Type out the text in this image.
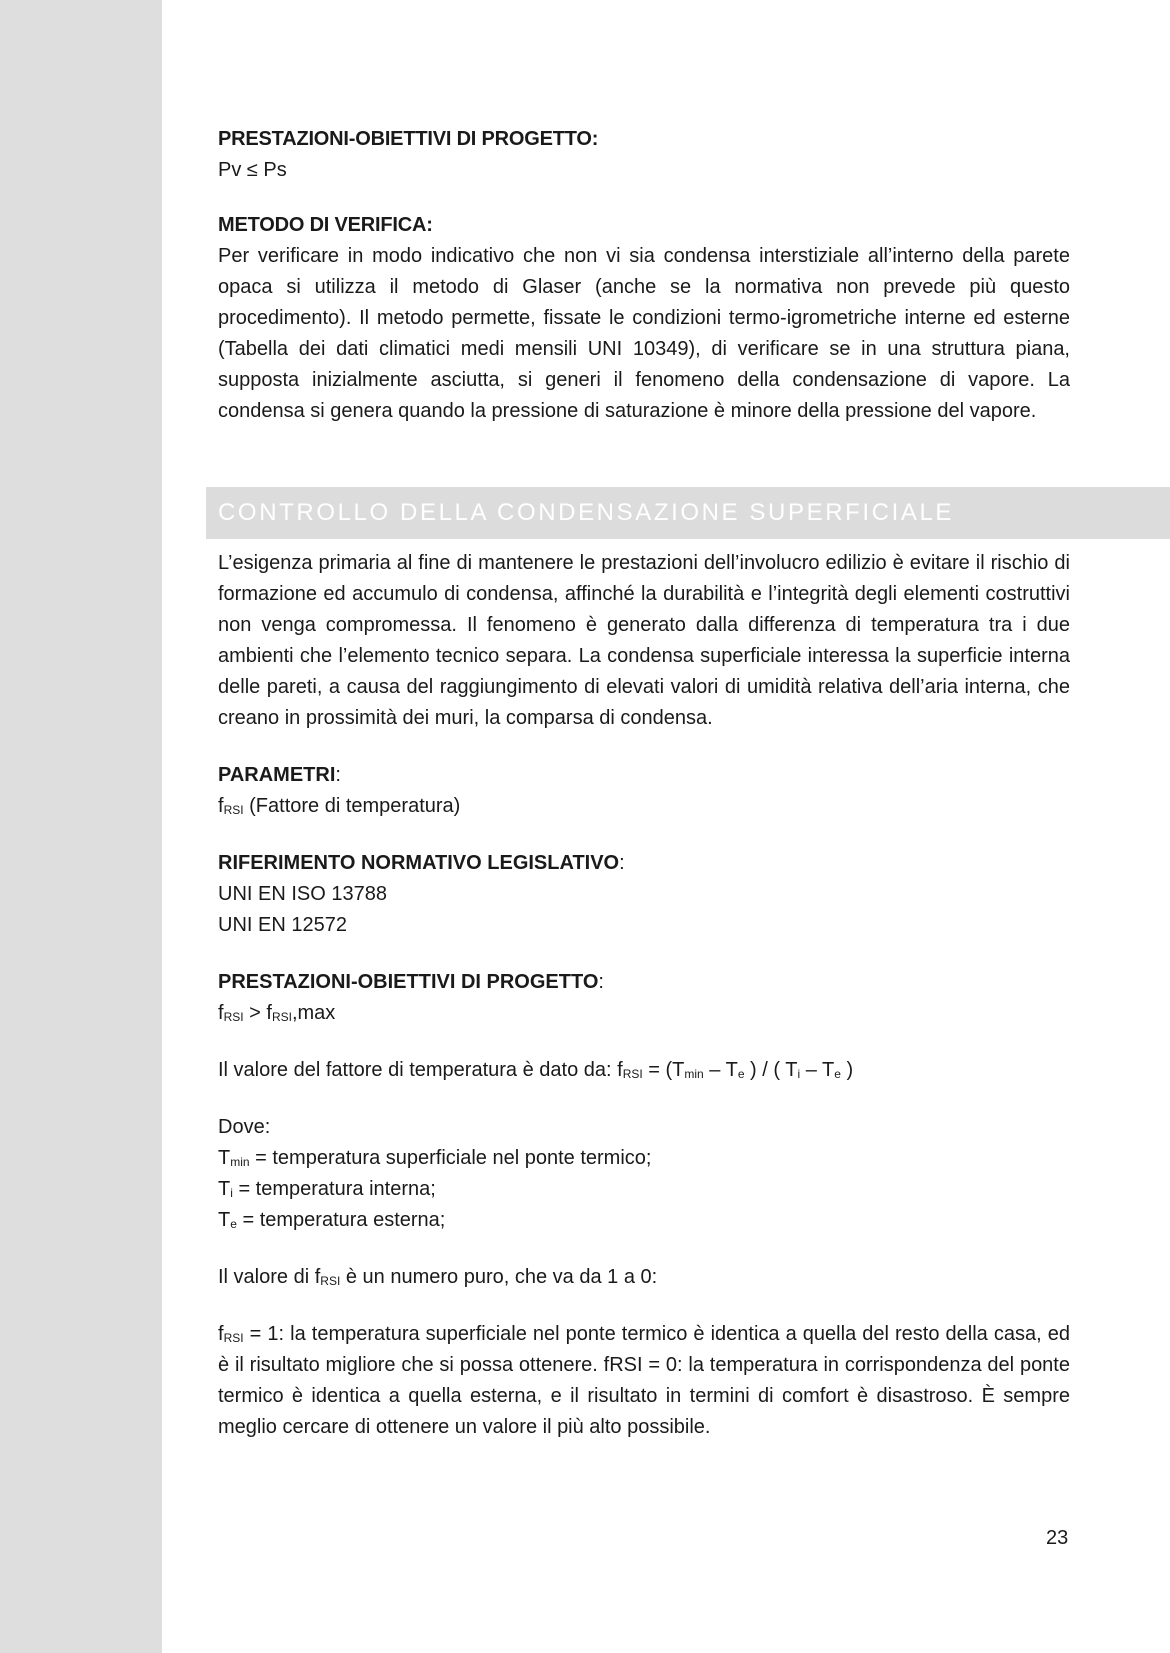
CONTROLLO DELLA CONDENSAZIONE SUPERFICIALE

PRESTAZIONI-OBIETTIVI DI PROGETTO:

Pv ≤ Ps

METODO DI VERIFICA:

Per verificare in modo indicativo che non vi sia condensa interstiziale all’interno della parete opaca si utilizza il metodo di Glaser (anche se la normativa non prevede più questo procedimento). Il metodo permette, fissate le condizioni termo-igrometriche interne ed esterne (Tabella dei dati climatici medi mensili UNI 10349), di verificare se in una struttura piana, supposta inizialmente asciutta, si generi il fenomeno della condensazione di vapore. La condensa si genera quando la pressione di saturazione è minore della pressione del vapore.

L’esigenza primaria al fine di mantenere le prestazioni dell’involucro edilizio è evitare il rischio di formazione ed accumulo di condensa, affinché la durabilità e l’integrità degli elementi costruttivi non venga compromessa. Il fenomeno è generato dalla differenza di temperatura tra i due ambienti che l’elemento tecnico separa. La condensa superficiale interessa la superficie interna delle pareti, a causa del raggiungimento di elevati valori di umidità relativa dell’aria interna, che creano in prossimità dei muri, la comparsa di condensa.

PARAMETRI:

$f_{RSI}$ (Fattore di temperatura)

RIFERIMENTO NORMATIVO LEGISLATIVO:

UNI EN ISO 13788

UNI EN 12572

PRESTAZIONI-OBIETTIVI DI PROGETTO:

$f_{RSI} > f_{RSI},\max$

Il valore del fattore di temperatura è dato da: $f_{RSI} = (T_{min} - T_e$ ) / ( $T_i - T_e$ )

Dove:

$T_{min}$ = temperatura superficiale nel ponte termico;

$T_i$ = temperatura interna;

$T_e$ = temperatura esterna;

Il valore di $f_{RSI}$ è un numero puro, che va da 1 a 0:

$f_{RSI} = 1$: la temperatura superficiale nel ponte termico è identica a quella del resto della casa, ed è il risultato migliore che si possa ottenere. fRSI = 0: la temperatura in corrispondenza del ponte termico è identica a quella esterna, e il risultato in termini di comfort è disastroso. È sempre meglio cercare di ottenere un valore il più alto possibile.

23
